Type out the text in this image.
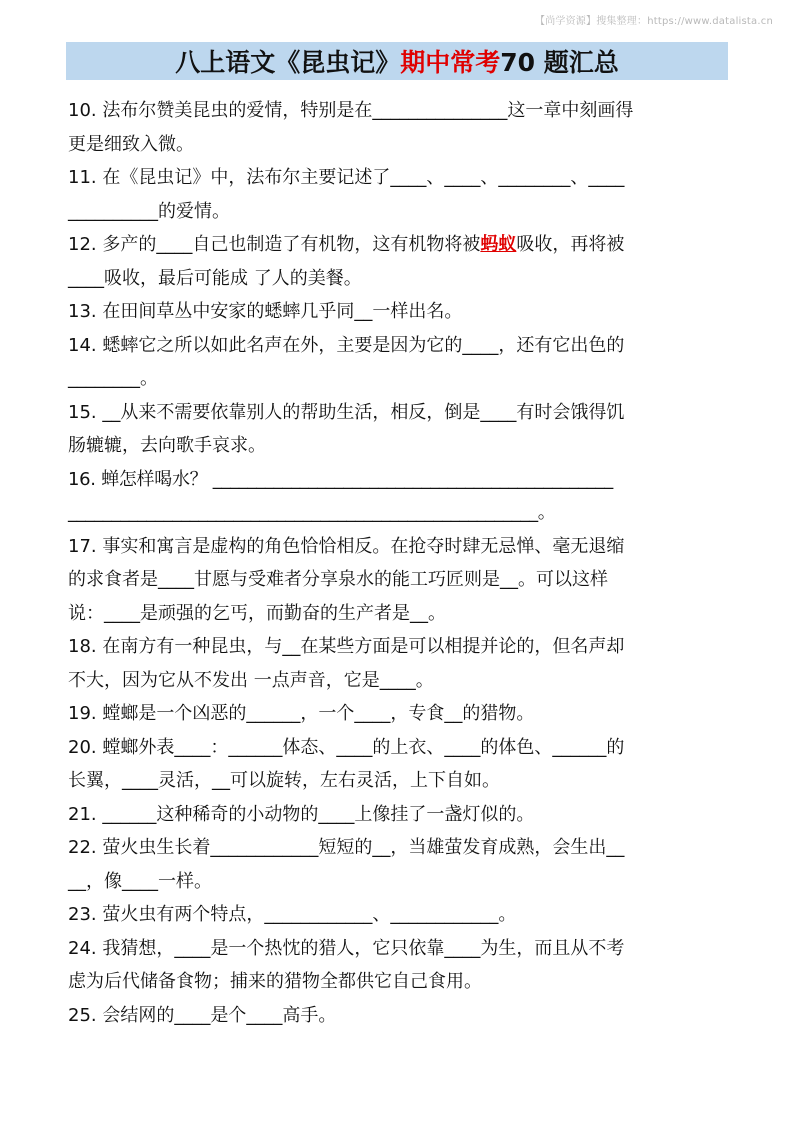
【尚学资源】搜集整理：https://www.datalista.cn
八上语文《昆虫记》 期中常考 70 题汇总

10. 法布尔赞美昆虫的爱情，特别是在_______________这一章中刻画得
更是细致入微。

11. 在《昆虫记》中，法布尔主要记述了____、____、________、____
__________的爱情。

12. 多产的____自己也制造了有机物，这有机物将被蚂蚁吸收，再将被
____吸收，最后可能成 了人的美餐。

13. 在田间草丛中安家的蟋蟀几乎同__一样出名。

14. 蟋蟀它之所以如此名声在外，主要是因为它的____，还有它出色的
________。

15. __从来不需要依靠别人的帮助生活，相反，倒是____有时会饿得饥
肠辘辘，去向歌手哀求。

16. 蝉怎样喝水？ ______________________________________________
______________________________________________________。

17. 事实和寓言是虚构的角色恰恰相反。在抢夺时肆无忌惮、毫无退缩
的求食者是____甘愿与受难者分享泉水的能工巧匠则是__。可以这样
说：____是顽强的乞丐，而勤奋的生产者是__。

18. 在南方有一种昆虫，与__在某些方面是可以相提并论的，但名声却
不大，因为它从不发出 一点声音，它是____。

19. 螳螂是一个凶恶的______，一个____，专食__的猎物。

20. 螳螂外表____：______体态、____的上衣、____的体色、______的
长翼，____灵活，__可以旋转，左右灵活，上下自如。

21. ______这种稀奇的小动物的____上像挂了一盏灯似的。

22. 萤火虫生长着____________短短的__，当雄萤发育成熟，会生出__
__，像____一样。

23. 萤火虫有两个特点，____________、____________。

24. 我猜想，____是一个热忱的猎人，它只依靠____为生，而且从不考
虑为后代储备食物；捕来的猎物全都供它自己食用。

25. 会结网的____是个____高手。
